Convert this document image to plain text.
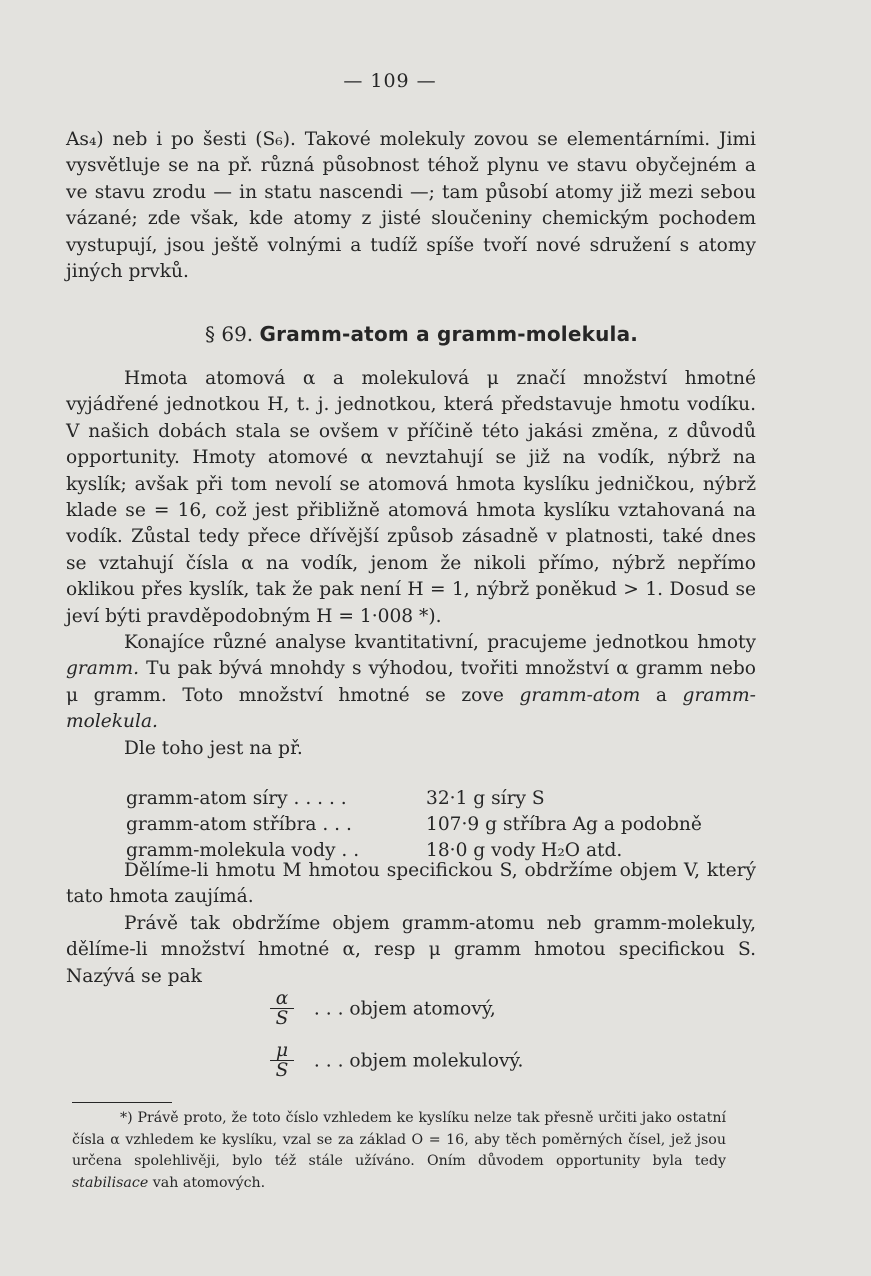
— 109 —
As₄) neb i po šesti (S₆). Takové molekuly zovou se elementárními. Jimi vysvětluje se na př. různá působnost téhož plynu ve stavu obyčejném a ve stavu zrodu — in statu nascendi —; tam působí atomy již mezi sebou vázané; zde však, kde atomy z jisté sloučeniny chemickým pochodem vystupují, jsou ještě volnými a tudíž spíše tvoří nové sdružení s atomy jiných prvků.
§ 69. Gramm-atom a gramm-molekula.
Hmota atomová α a molekulová μ značí množství hmotné vyjádřené jednotkou H, t. j. jednotkou, která představuje hmotu vodíku. V našich dobách stala se ovšem v příčině této jakási změna, z důvodů opportunity. Hmoty atomové α nevztahují se již na vodík, nýbrž na kyslík; avšak při tom nevolí se atomová hmota kyslíku jedničkou, nýbrž klade se = 16, což jest přibližně atomová hmota kyslíku vztahovaná na vodík. Zůstal tedy přece dřívější způsob zásadně v platnosti, také dnes se vztahují čísla α na vodík, jenom že nikoli přímo, nýbrž nepřímo oklikou přes kyslík, tak že pak není H = 1, nýbrž poněkud > 1. Dosud se jeví býti pravděpodobným H = 1·008 *).
Konajíce různé analyse kvantitativní, pracujeme jednotkou hmoty gramm. Tu pak bývá mnohdy s výhodou, tvořiti množství α gramm nebo μ gramm. Toto množství hmotné se zove gramm-atom a gramm-molekula.
Dle toho jest na př.
gramm-atom síry . . . . .	32·1 g síry S
gramm-atom stříbra . . .	107·9 g stříbra Ag a podobně
gramm-molekula vody . .	18·0 g vody H₂O atd.
Dělíme-li hmotu M hmotou specifickou S, obdržíme objem V, který tato hmota zaujímá.
Právě tak obdržíme objem gramm-atomu neb gramm-molekuly, dělíme-li množství hmotné α, resp μ gramm hmotou specifickou S. Nazývá se pak
$\frac{\alpha}{S}$ . . . objem atomový,
$\frac{\mu}{S}$ . . . objem molekulový.
*) Právě proto, že toto číslo vzhledem ke kyslíku nelze tak přesně určiti jako ostatní čísla α vzhledem ke kyslíku, vzal se za základ O = 16, aby těch poměrných čísel, jež jsou určena spolehlivěji, bylo též stále užíváno. Oním důvodem opportunity byla tedy stabilisace vah atomových.
